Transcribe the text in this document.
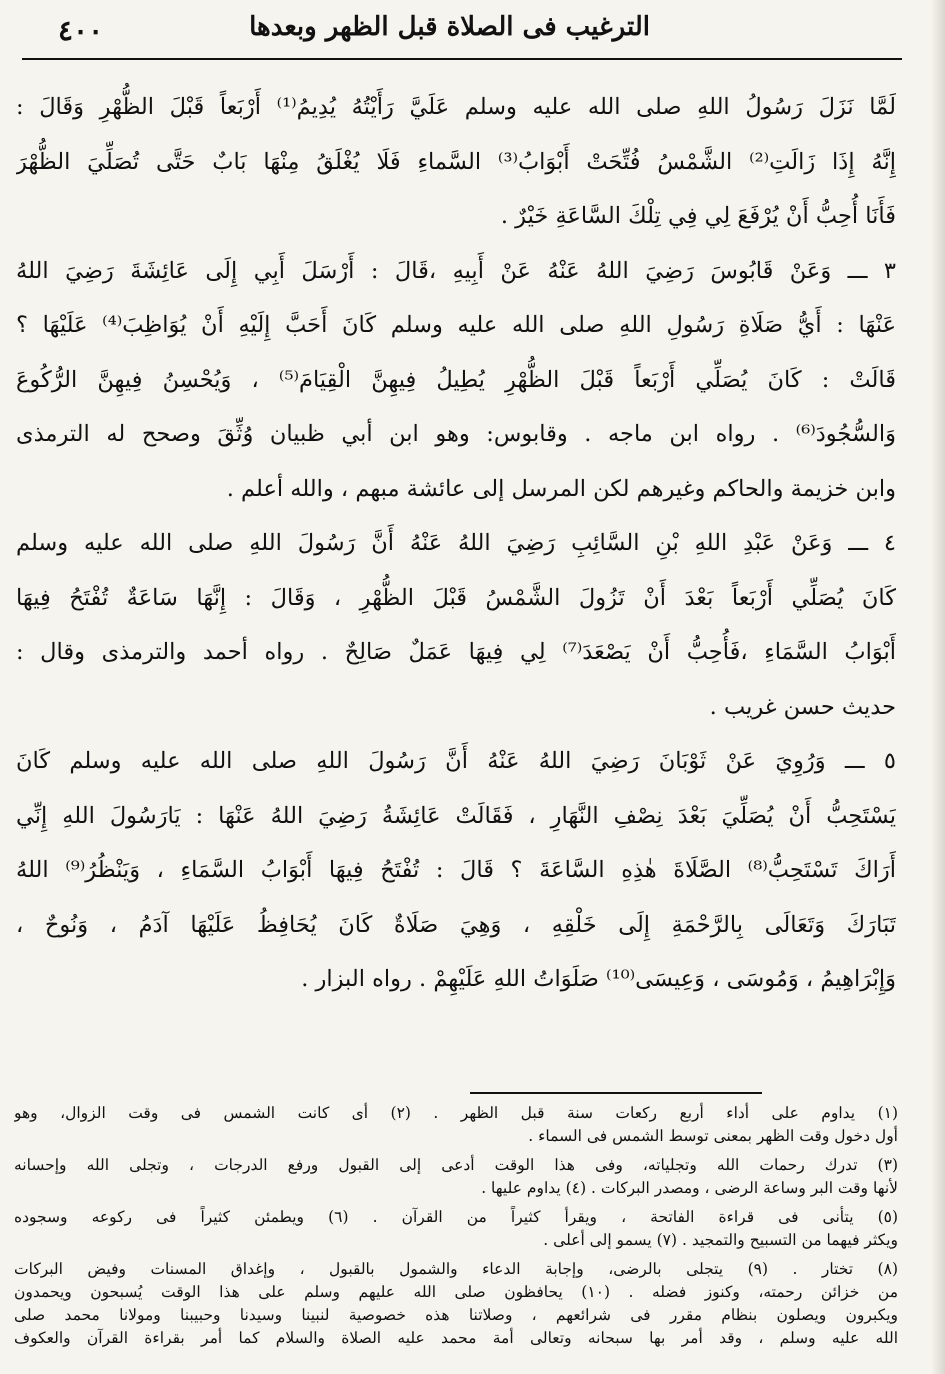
٤٠٠	الترغيب فى الصلاة قبل الظهر وبعدها
لَمَّا نَزَلَ رَسُولُ اللهِ صلى الله عليه وسلم عَلَيَّ رَأَيْتُهُ يُدِيمُ⁽¹⁾ أَرْبَعاً قَبْلَ الظُّهْرِ وَقَالَ :
إِنَّهُ إِذَا زَالَتِ⁽²⁾ الشَّمْسُ فُتِّحَتْ أَبْوَابُ⁽³⁾ السَّماءِ فَلَا يُغْلَقُ مِنْهَا بَابٌ حَتَّى تُصَلِّيَ الظُّهْرَ
فَأَنَا أُحِبُّ أَنْ يُرْفَعَ لِي فِي تِلْكَ السَّاعَةِ خَيْرٌ .
٣ ـــ وَعَنْ قَابُوسَ رَضِيَ اللهُ عَنْهُ عَنْ أَبِيهِ ،قَالَ : أَرْسَلَ أَبِي إِلَى عَائِشَةَ رَضِيَ اللهُ
عَنْهَا : أَيُّ صَلَاةِ رَسُولِ اللهِ صلى الله عليه وسلم كَانَ أَحَبَّ إِلَيْهِ أَنْ يُوَاظِبَ⁽⁴⁾ عَلَيْهَا ؟
قَالَتْ : كَانَ يُصَلِّي أَرْبَعاً قَبْلَ الظُّهْرِ يُطِيلُ فِيهِنَّ الْقِيَامَ⁽⁵⁾ ، وَيُحْسِنُ فِيهِنَّ الرُّكُوعَ
وَالسُّجُودَ⁽⁶⁾ . رواه ابن ماجه . وقابوس: وهو ابن أبي ظبيان وُثِّقَ وصحح له الترمذى
وابن خزيمة والحاكم وغيرهم لكن المرسل إلى عائشة مبهم ، والله أعلم .
٤ ـــ وَعَنْ عَبْدِ اللهِ بْنِ السَّائِبِ رَضِيَ اللهُ عَنْهُ أَنَّ رَسُولَ اللهِ صلى الله عليه وسلم
كَانَ يُصَلِّي أَرْبَعاً بَعْدَ أَنْ تَزُولَ الشَّمْسُ قَبْلَ الظُّهْرِ ، وَقَالَ : إِنَّهَا سَاعَةٌ تُفْتَحُ فِيهَا
أَبْوَابُ السَّمَاءِ ،فَأُحِبُّ أَنْ يَصْعَدَ⁽⁷⁾ لِي فِيهَا عَمَلٌ صَالِحٌ . رواه أحمد والترمذى وقال :
حديث حسن غريب .
٥ ـــ وَرُوِيَ عَنْ ثَوْبَانَ رَضِيَ اللهُ عَنْهُ أَنَّ رَسُولَ اللهِ صلى الله عليه وسلم كَانَ
يَسْتَحِبُّ أَنْ يُصَلِّيَ بَعْدَ نِصْفِ النَّهَارِ ، فَقَالَتْ عَائِشَةُ رَضِيَ اللهُ عَنْهَا : يَارَسُولَ اللهِ إِنِّي
أَرَاكَ تَسْتَحِبُّ⁽⁸⁾ الصَّلَاةَ هٰذِهِ السَّاعَةَ ؟ قَالَ : تُفْتَحُ فِيهَا أَبْوَابُ السَّمَاءِ ، وَيَنْظُرُ⁽⁹⁾ اللهُ
تَبَارَكَ وَتَعَالَى بِالرَّحْمَةِ إِلَى خَلْقِهِ ، وَهِيَ صَلَاةٌ كَانَ يُحَافِظُ عَلَيْهَا آدَمُ ، وَنُوحٌ ،
وَإِبْرَاهِيمُ ، وَمُوسَى ، وَعِيسَى⁽¹⁰⁾ صَلَوَاتُ اللهِ عَلَيْهِمْ . رواه البزار .
(١) يداوم على أداء أربع ركعات سنة قبل الظهر . (٢) أى كانت الشمس فى وقت الزوال، وهو
أول دخول وقت الظهر بمعنى توسط الشمس فى السماء .
(٣) تدرك رحمات الله وتجلياته، وفى هذا الوقت أدعى إلى القبول ورفع الدرجات ، وتجلى الله وإحسانه
لأنها وقت البر وساعة الرضى ، ومصدر البركات . (٤) يداوم عليها .
(٥) يتأنى فى قراءة الفاتحة ، ويقرأ كثيراً من القرآن . (٦) ويطمئن كثيراً فى ركوعه وسجوده
ويكثر فيهما من التسبيح والتمجيد . (٧) يسمو إلى أعلى .
(٨) تختار . (٩) يتجلى بالرضى، وإجابة الدعاء والشمول بالقبول ، وإغداق المسنات وفيض البركات
من خزائن رحمته، وكنوز فضله . (١٠) يحافظون صلى الله عليهم وسلم على هذا الوقت يُسبحون ويحمدون
ويكبرون ويصلون بنظام مقرر فى شرائعهم ، وصلاتنا هذه خصوصية لنبينا وسيدنا وحبيبنا ومولانا محمد صلى
الله عليه وسلم ، وقد أمر بها سبحانه وتعالى أمة محمد عليه الصلاة والسلام كما أمر بقراءة القرآن والعكوف
